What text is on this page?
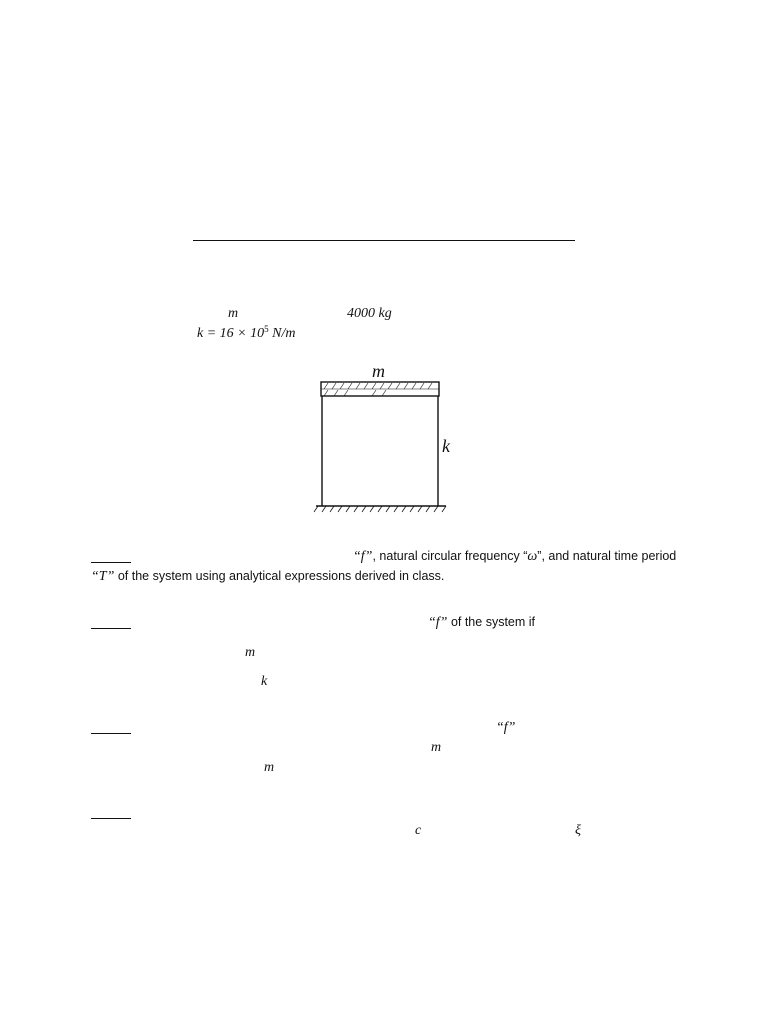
m	4000 kg
$k = 16 \times 10^5$ N/m
m
k
“f”, natural circular frequency “ω”, and natural time period
“T” of the system using analytical expressions derived in class.
“f” of the system if
m
k
“f”
m
m
c	ξ
